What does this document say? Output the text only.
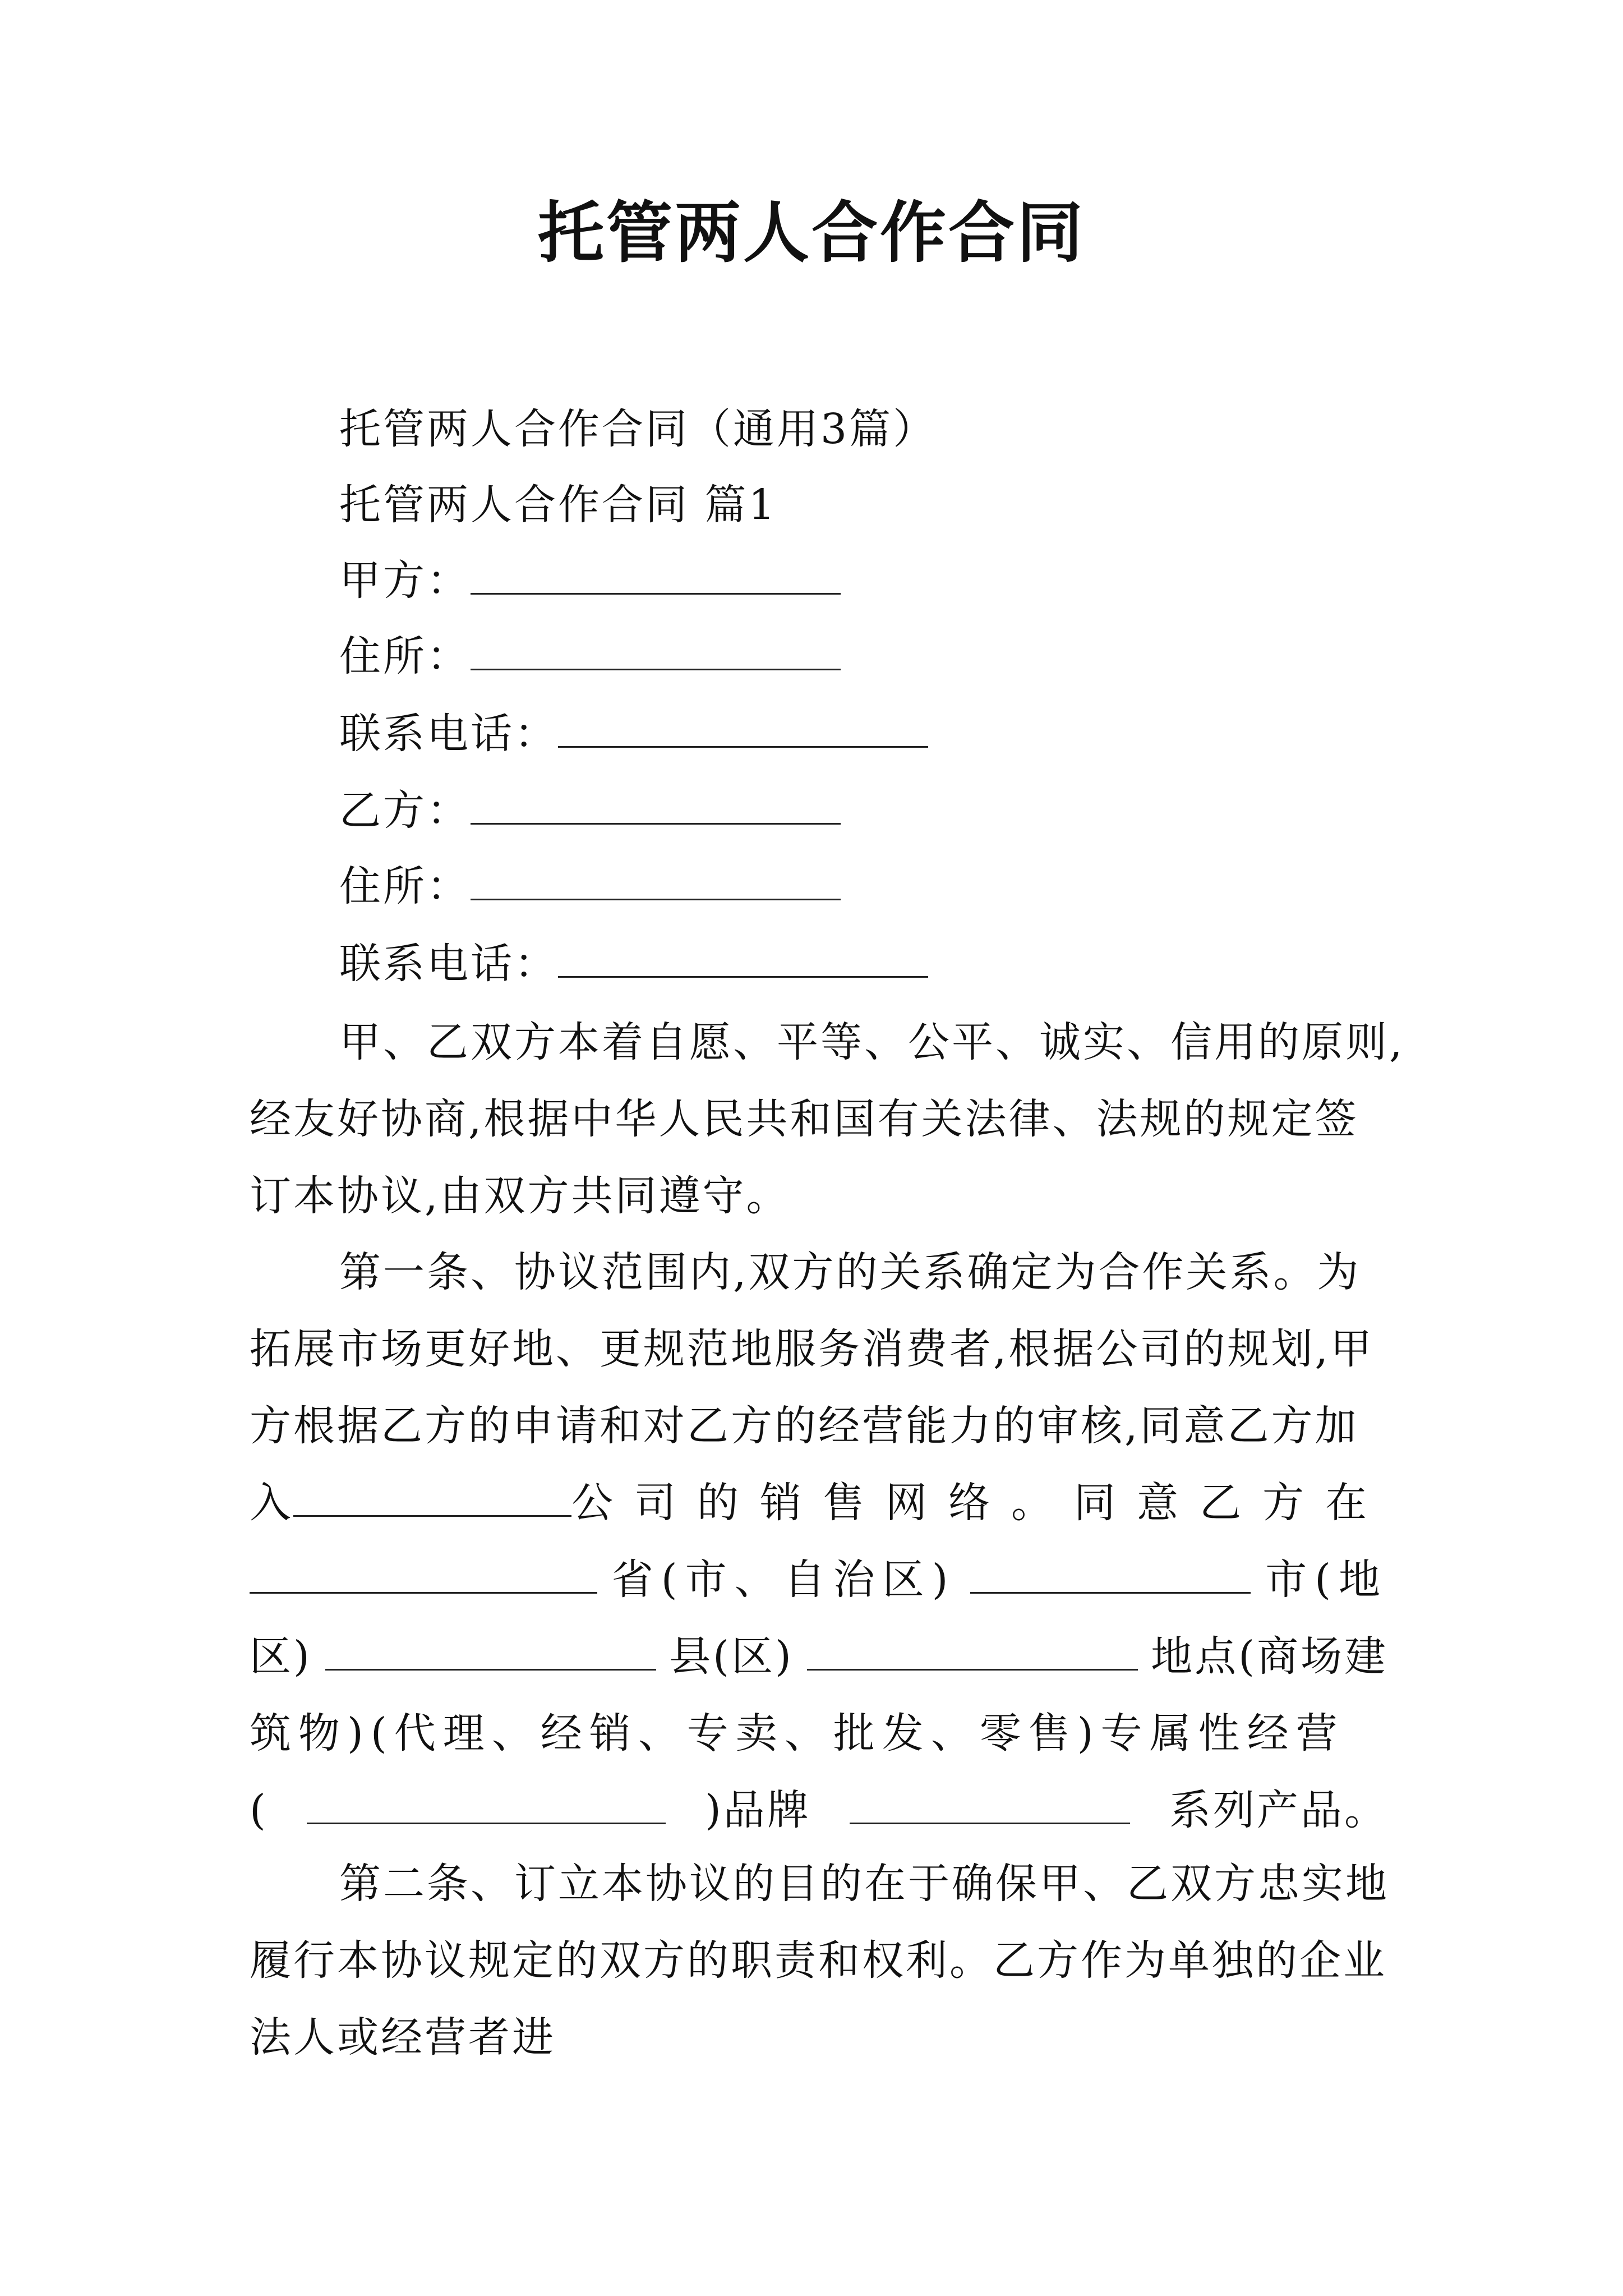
托管两人合作合同
托管两人合作合同（通用3篇）
托管两人合作合同 篇1
甲方：
住所：
联系电话：
乙方：
住所：
联系电话：
甲、乙双方本着自愿、平等、公平、诚实、信用的原则,
经友好协商,根据中华人民共和国有关法律、法规的规定签
订本协议,由双方共同遵守。
第一条、协议范围内,双方的关系确定为合作关系。为
拓展市场更好地、更规范地服务消费者,根据公司的规划,甲
方根据乙方的申请和对乙方的经营能力的审核,同意乙方加
入	公司的销售网络。同意乙方在
省(市、自治区)	市(地
区)	县(区)	地点(商场建
筑物)(代理、经销、专卖、批发、零售)专属性经营
(	)品牌	系列产品。
第二条、订立本协议的目的在于确保甲、乙双方忠实地
履行本协议规定的双方的职责和权利。乙方作为单独的企业
法人或经营者进
